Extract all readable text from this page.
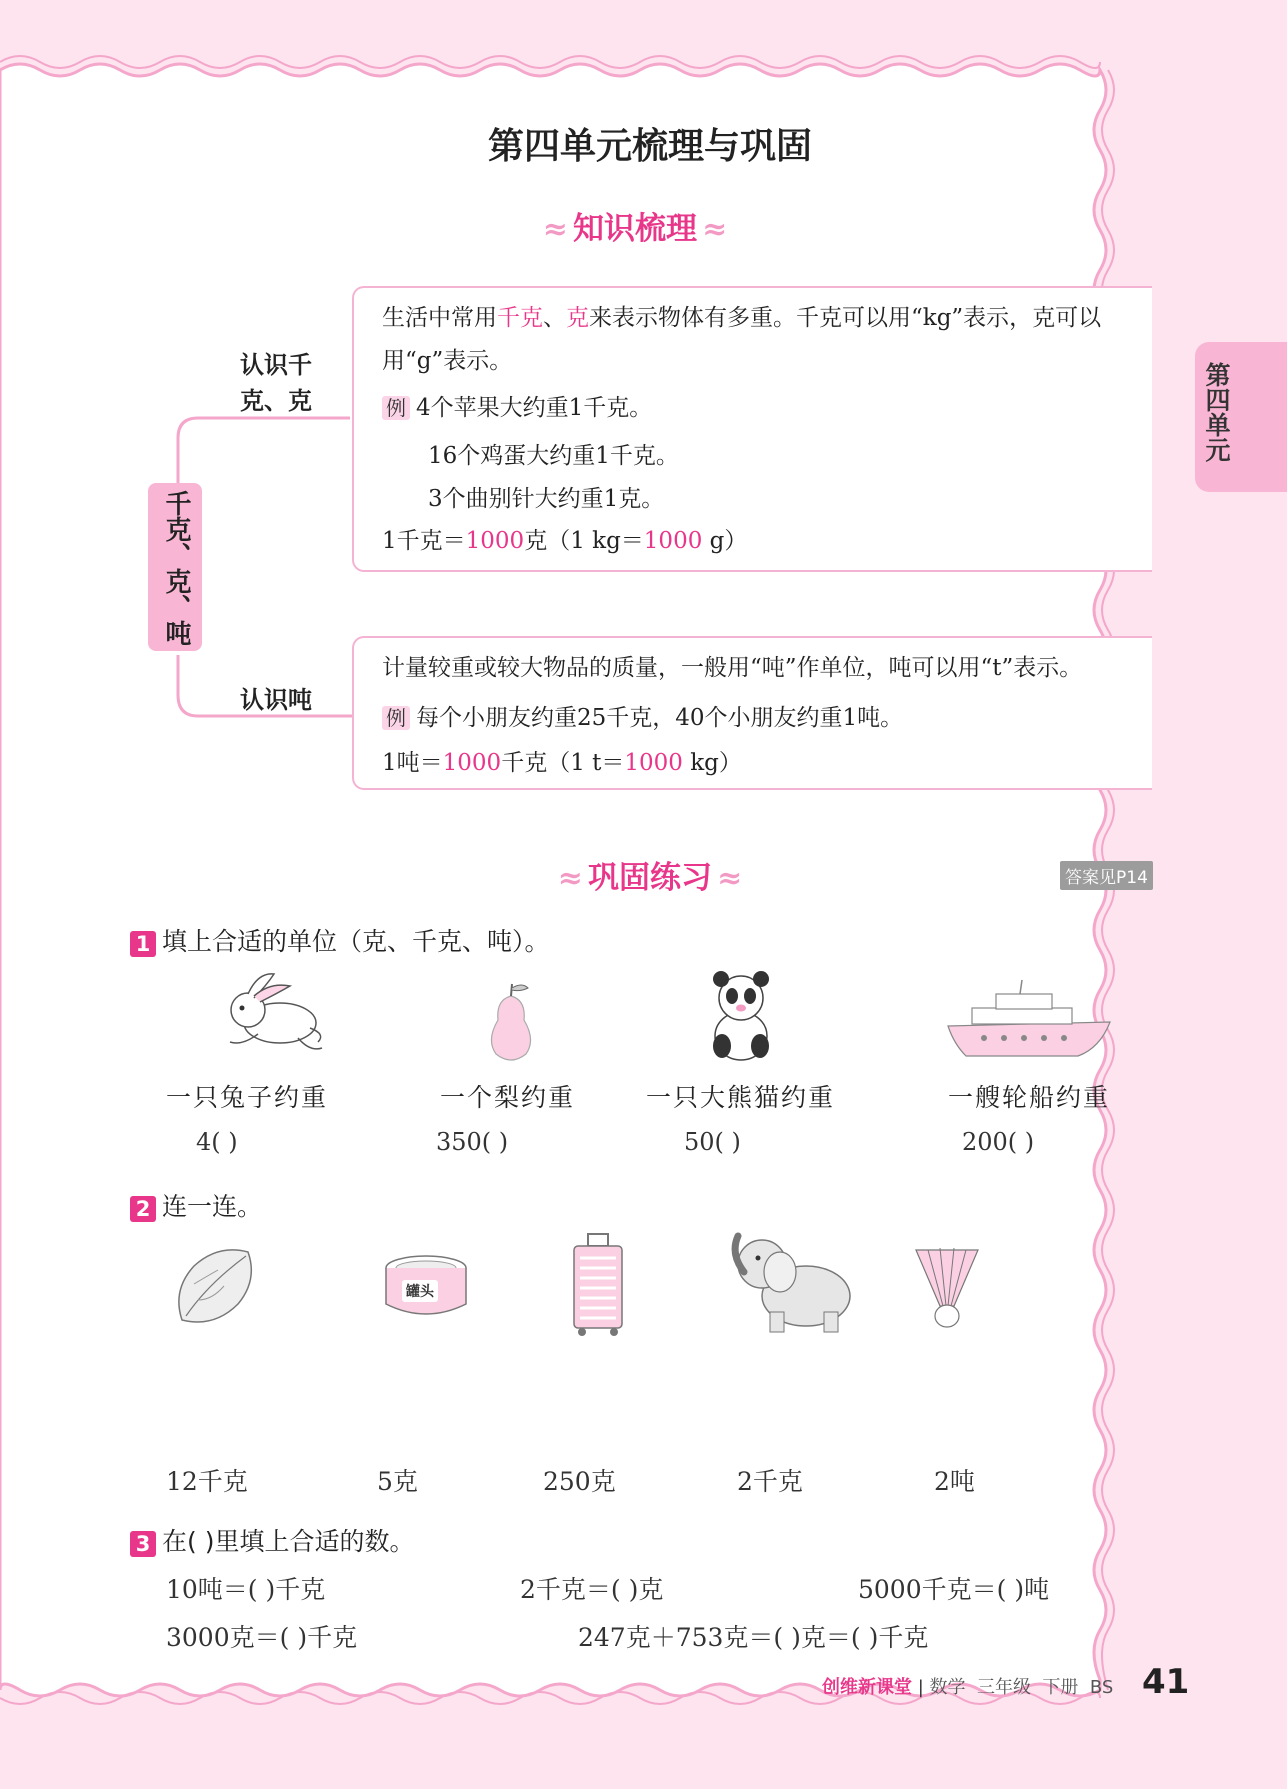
第四单元
第四单元梳理与巩固
≈ 知识梳理 ≈
千克、克、吨
认识千克、克
认识吨
生活中常用千克、克来表示物体有多重。千克可以用“kg”表示，克可以
用“g”表示。
例 4个苹果大约重1千克。
16个鸡蛋大约重1千克。
3个曲别针大约重1克。
1千克＝1000克（1 kg＝1000 g）
计量较重或较大物品的质量，一般用“吨”作单位，吨可以用“t”表示。
例 每个小朋友约重25千克，40个小朋友约重1吨。
1吨＝1000千克（1 t＝1000 kg）
≈ 巩固练习 ≈	答案见P14
1 填上合适的单位（克、千克、吨）。
一只兔子约重	一个梨约重	一只大熊猫约重	一艘轮船约重
4( )	350( )	50( )	200( )
2 连一连。
罐头
12千克	5克	250克	2千克	2吨
3 在( )里填上合适的数。
10吨＝( )千克	2千克＝( )克	5000千克＝( )吨
3000克＝( )千克	247克＋753克＝( )克＝( )千克
创维新课堂 | 数学  三年级  下册  BS 41
